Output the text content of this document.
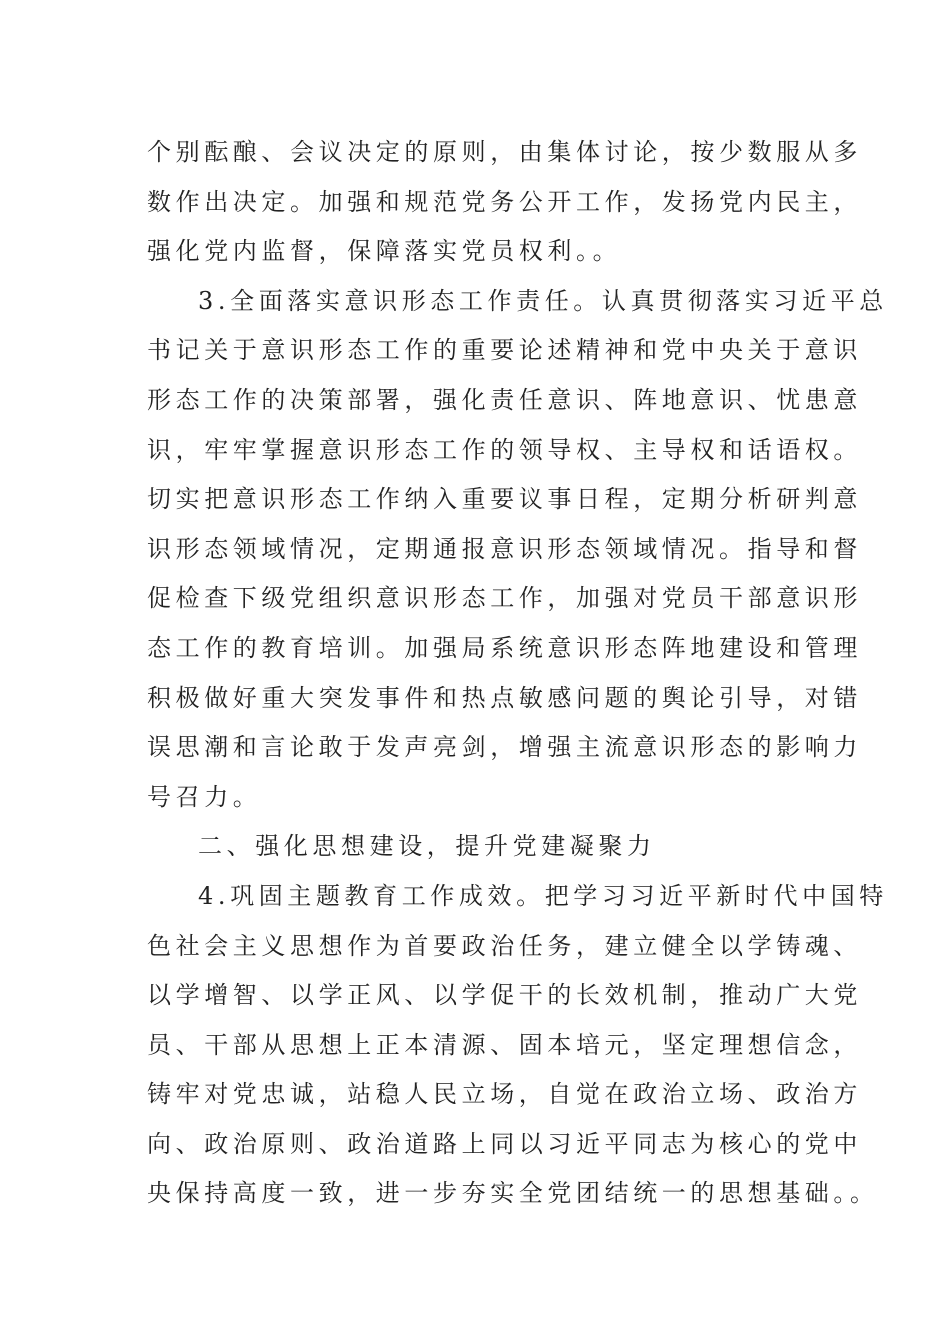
个别酝酿、会议决定的原则，由集体讨论，按少数服从多
数作出决定。加强和规范党务公开工作，发扬党内民主，
强化党内监督，保障落实党员权利。。
3.全面落实意识形态工作责任。认真贯彻落实习近平总
书记关于意识形态工作的重要论述精神和党中央关于意识
形态工作的决策部署，强化责任意识、阵地意识、忧患意
识，牢牢掌握意识形态工作的领导权、主导权和话语权。
切实把意识形态工作纳入重要议事日程，定期分析研判意
识形态领域情况，定期通报意识形态领域情况。指导和督
促检查下级党组织意识形态工作，加强对党员干部意识形
态工作的教育培训。加强局系统意识形态阵地建设和管理
积极做好重大突发事件和热点敏感问题的舆论引导，对错
误思潮和言论敢于发声亮剑，增强主流意识形态的影响力
号召力。
二、强化思想建设，提升党建凝聚力
4.巩固主题教育工作成效。把学习习近平新时代中国特
色社会主义思想作为首要政治任务，建立健全以学铸魂、
以学增智、以学正风、以学促干的长效机制，推动广大党
员、干部从思想上正本清源、固本培元，坚定理想信念，
铸牢对党忠诚，站稳人民立场，自觉在政治立场、政治方
向、政治原则、政治道路上同以习近平同志为核心的党中
央保持高度一致，进一步夯实全党团结统一的思想基础。。
